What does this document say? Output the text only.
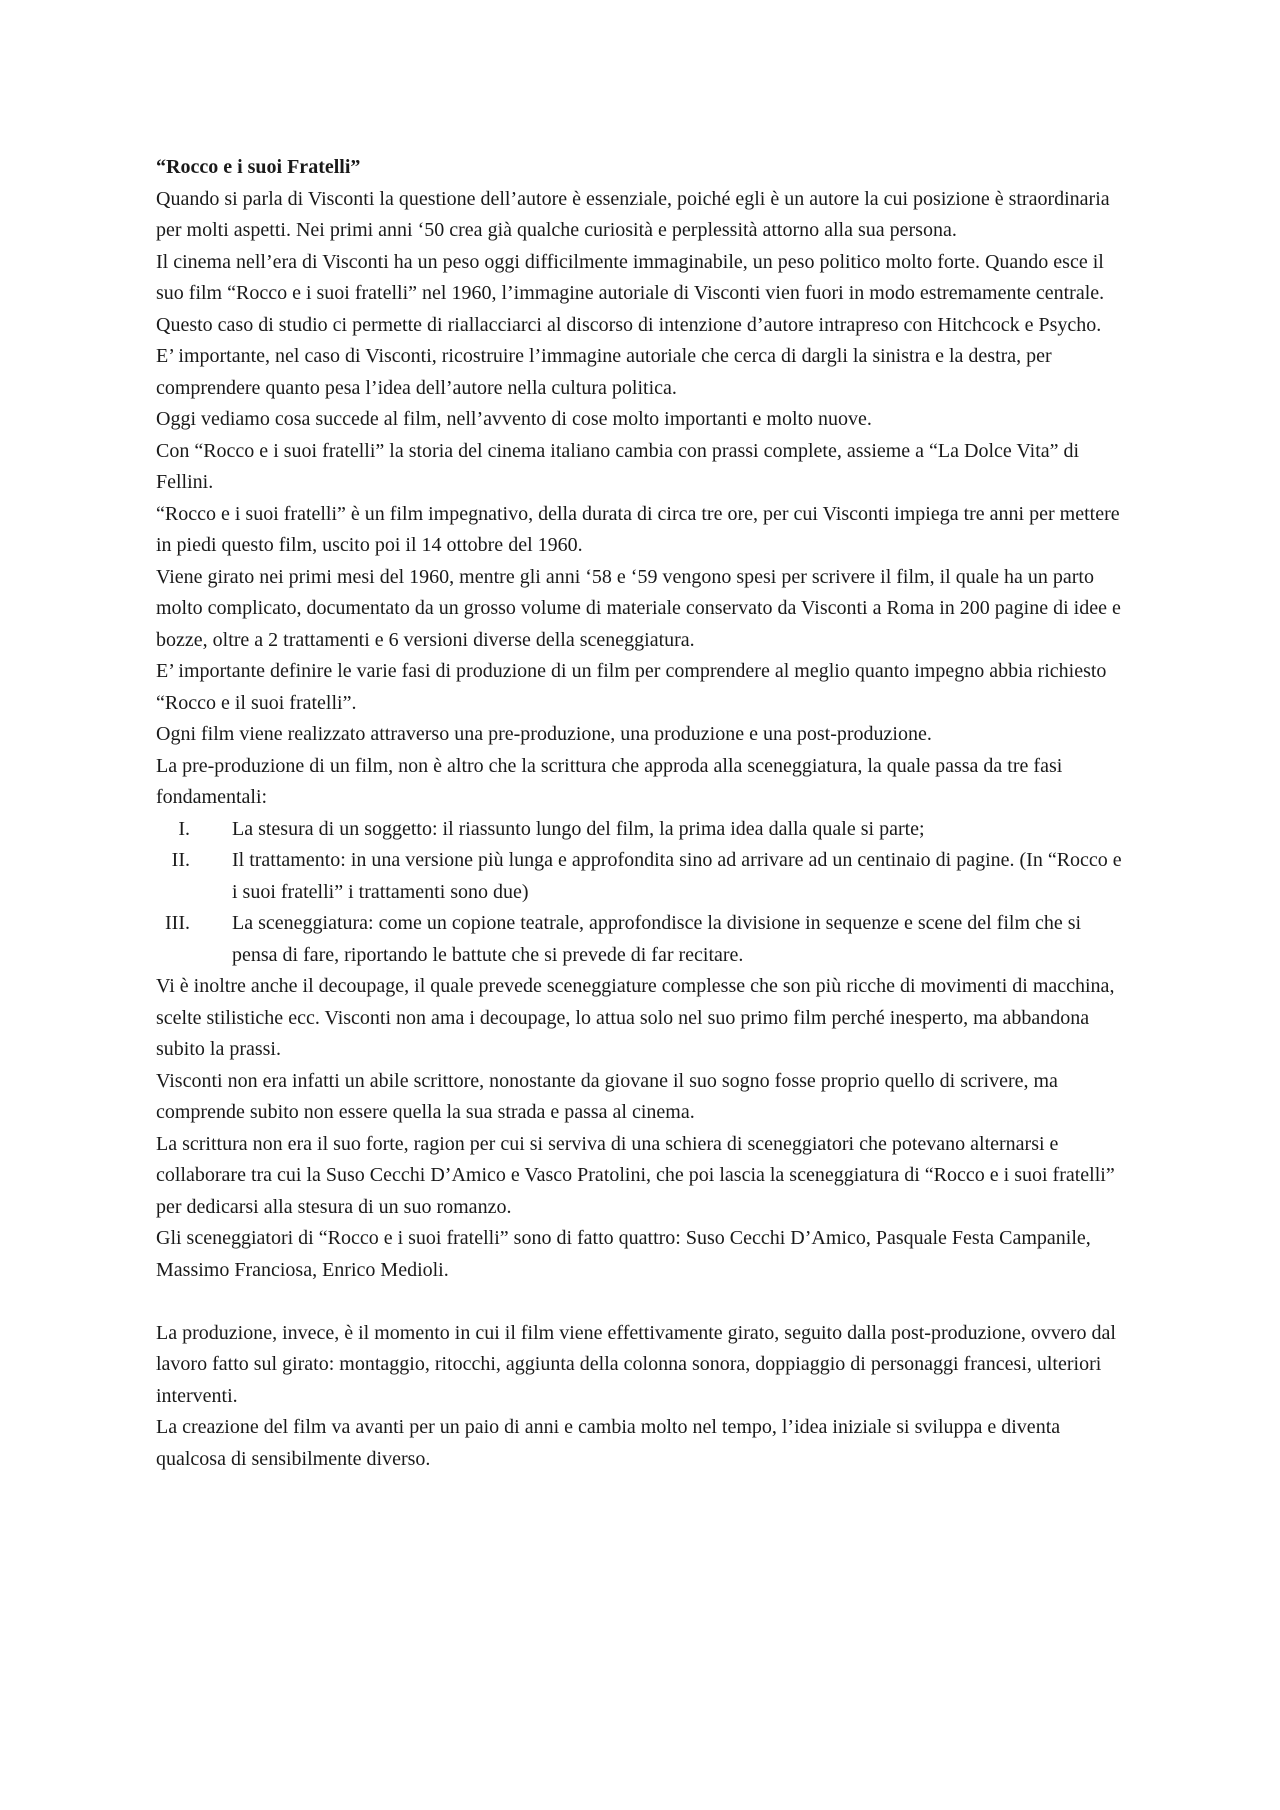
“Rocco e i suoi Fratelli”

Quando si parla di Visconti la questione dell’autore è essenziale, poiché egli è un autore la cui posizione è straordinaria per molti aspetti. Nei primi anni ‘50 crea già qualche curiosità e perplessità attorno alla sua persona.

Il cinema nell’era di Visconti ha un peso oggi difficilmente immaginabile, un peso politico molto forte. Quando esce il suo film “Rocco e i suoi fratelli” nel 1960, l’immagine autoriale di Visconti vien fuori in modo estremamente centrale.

Questo caso di studio ci permette di riallacciarci al discorso di intenzione d’autore intrapreso con Hitchcock e Psycho.

E’ importante, nel caso di Visconti, ricostruire l’immagine autoriale che cerca di dargli la sinistra e la destra, per comprendere quanto pesa l’idea dell’autore nella cultura politica.

Oggi vediamo cosa succede al film, nell’avvento di cose molto importanti e molto nuove.

Con “Rocco e i suoi fratelli” la storia del cinema italiano cambia con prassi complete, assieme a “La Dolce Vita” di Fellini.

“Rocco e i suoi fratelli” è un film impegnativo, della durata di circa tre ore, per cui Visconti impiega tre anni per mettere in piedi questo film, uscito poi il 14 ottobre del 1960.

Viene girato nei primi mesi del 1960, mentre gli anni ‘58 e ‘59 vengono spesi per scrivere il film, il quale ha un parto molto complicato, documentato da un grosso volume di materiale conservato da Visconti a Roma in 200 pagine di idee e bozze, oltre a 2 trattamenti e 6 versioni diverse della sceneggiatura.

E’ importante definire le varie fasi di produzione di un film per comprendere al meglio quanto impegno abbia richiesto “Rocco e il suoi fratelli”.

Ogni film viene realizzato attraverso una pre-produzione, una produzione e una post-produzione.

La pre-produzione di un film, non è altro che la scrittura che approda alla sceneggiatura, la quale passa da tre fasi fondamentali:

I. La stesura di un soggetto: il riassunto lungo del film, la prima idea dalla quale si parte;
II. Il trattamento: in una versione più lunga e approfondita sino ad arrivare ad un centinaio di pagine. (In “Rocco e i suoi fratelli” i trattamenti sono due)
III. La sceneggiatura: come un copione teatrale, approfondisce la divisione in sequenze e scene del film che si pensa di fare, riportando le battute che si prevede di far recitare.

Vi è inoltre anche il decoupage, il quale prevede sceneggiature complesse che son più ricche di movimenti di macchina, scelte stilistiche ecc. Visconti non ama i decoupage, lo attua solo nel suo primo film perché inesperto, ma abbandona subito la prassi.

Visconti non era infatti un abile scrittore, nonostante da giovane il suo sogno fosse proprio quello di scrivere, ma comprende subito non essere quella la sua strada e passa al cinema.

La scrittura non era il suo forte, ragion per cui si serviva di una schiera di sceneggiatori che potevano alternarsi e collaborare tra cui la Suso Cecchi D’Amico e Vasco Pratolini, che poi lascia la sceneggiatura di “Rocco e i suoi fratelli” per dedicarsi alla stesura di un suo romanzo.

Gli sceneggiatori di “Rocco e i suoi fratelli” sono di fatto quattro: Suso Cecchi D’Amico, Pasquale Festa Campanile, Massimo Franciosa, Enrico Medioli.

La produzione, invece, è il momento in cui il film viene effettivamente girato, seguito dalla post-produzione, ovvero dal lavoro fatto sul girato: montaggio, ritocchi, aggiunta della colonna sonora, doppiaggio di personaggi francesi, ulteriori interventi.

La creazione del film va avanti per un paio di anni e cambia molto nel tempo, l’idea iniziale si sviluppa e diventa qualcosa di sensibilmente diverso.
